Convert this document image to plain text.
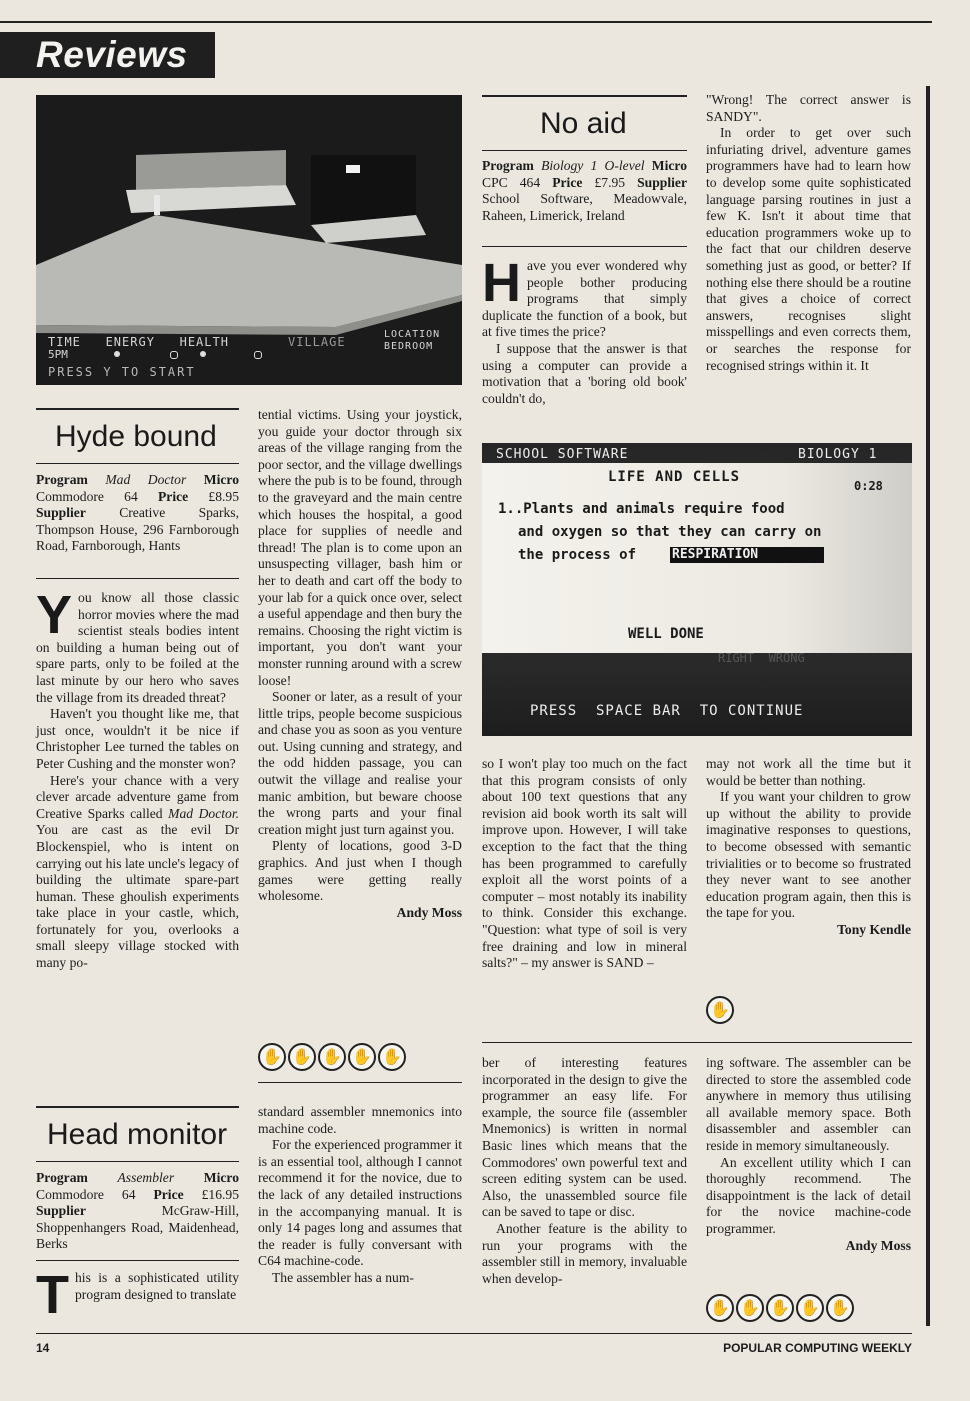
Reviews
TIME   ENERGY   HEALTH	VILLAGE
LOCATION
BEDROOM
5PM
PRESS Y TO START
Hyde bound
Program Mad Doctor Micro Commodore 64 Price £8.95 Supplier Creative Sparks, Thompson House, 296 Farnborough Road, Farnborough, Hants
Y ou know all those classic horror movies where the mad scientist steals bodies intent on building a human being out of spare parts, only to be foiled at the last minute by our hero who saves the village from its dreaded threat?

Haven't you thought like me, that just once, wouldn't it be nice if Christopher Lee turned the tables on Peter Cushing and the monster won?

Here's your chance with a very clever arcade adventure game from Creative Sparks called Mad Doctor. You are cast as the evil Dr Blockenspiel, who is intent on carrying out his late uncle's legacy of building the ultimate spare-part human. These ghoulish experiments take place in your castle, which, fortunately for you, overlooks a small sleepy village stocked with many po-

tential victims. Using your joystick, you guide your doctor through six areas of the village ranging from the poor sector, and the village dwellings where the pub is to be found, through to the graveyard and the main centre which houses the hospital, a good place for supplies of needle and thread! The plan is to come upon an unsuspecting villager, bash him or her to death and cart off the body to your lab for a quick once over, select a useful appendage and then bury the remains. Choosing the right victim is important, you don't want your monster running around with a screw loose!

Sooner or later, as a result of your little trips, people become suspicious and chase you as soon as you venture out. Using cunning and strategy, and the odd hidden passage, you can outwit the village and realise your manic ambition, but beware choose the wrong parts and your final creation might just turn against you.

Plenty of locations, good 3-D graphics. And just when I though games were getting really wholesome.

Andy Moss
✋ ✋ ✋ ✋ ✋
No aid
Program Biology 1 O-level Micro CPC 464 Price £7.95 Supplier School Software, Meadowvale, Raheen, Limerick, Ireland
H ave you ever wondered why people bother producing programs that simply duplicate the function of a book, but at five times the price?

I suppose that the answer is that using a computer can provide a motivation that a 'boring old book' couldn't do,

"Wrong! The correct answer is SANDY".

In order to get over such infuriating drivel, adventure games programmers have had to learn how to develop some quite sophisticated language parsing routines in just a few K. Isn't it about time that education programmers woke up to the fact that our children deserve something just as good, or better? If nothing else there should be a routine that gives a choice of correct answers, recognises slight misspellings and even corrects them, or searches the response for recognised strings within it. It

SCHOOL SOFTWARE	BIOLOGY 1
LIFE AND CELLS
0:28
1..Plants and animals require food
and oxygen so that they can carry on
the process of	RESPIRATION
WELL DONE
RIGHT  WRONG
PRESS  SPACE BAR  TO CONTINUE

so I won't play too much on the fact that this program consists of only about 100 text questions that any revision aid book worth its salt will improve upon. However, I will take exception to the fact that the thing has been programmed to carefully exploit all the worst points of a computer – most notably its inability to think. Consider this exchange. "Question: what type of soil is very free draining and low in mineral salts?" – my answer is SAND –

may not work all the time but it would be better than nothing.

If you want your children to grow up without the ability to provide imaginative responses to questions, to become obsessed with semantic trivialities or to become so frustrated they never want to see another education program again, then this is the tape for you.

Tony Kendle
✋
Head monitor
Program Assembler Micro Commodore 64 Price £16.95 Supplier	McGraw-Hill, Shoppenhangers Road, Maidenhead, Berks
T his is a sophisticated utility program designed to translate

standard assembler mnemonics into machine code.

For the experienced programmer it is an essential tool, although I cannot recommend it for the novice, due to the lack of any detailed instructions in the accompanying manual. It is only 14 pages long and assumes that the reader is fully conversant with C64 machine-code.

The assembler has a num-

ber of interesting features incorporated in the design to give the programmer an easy life. For example, the source file (assembler Mnemonics) is written in normal Basic lines which means that the Commodores' own powerful text and screen editing system can be used. Also, the unassembled source file can be saved to tape or disc.

Another feature is the ability to run your programs with the assembler still in memory, invaluable when develop-

ing software. The assembler can be directed to store the assembled code anywhere in memory thus utilising all available memory space. Both disassembler and assembler can reside in memory simultaneously.

An excellent utility which I can thoroughly recommend. The disappointment is the lack of detail for the novice machine-code programmer.

Andy Moss
✋ ✋ ✋ ✋ ✋
14	POPULAR COMPUTING WEEKLY
